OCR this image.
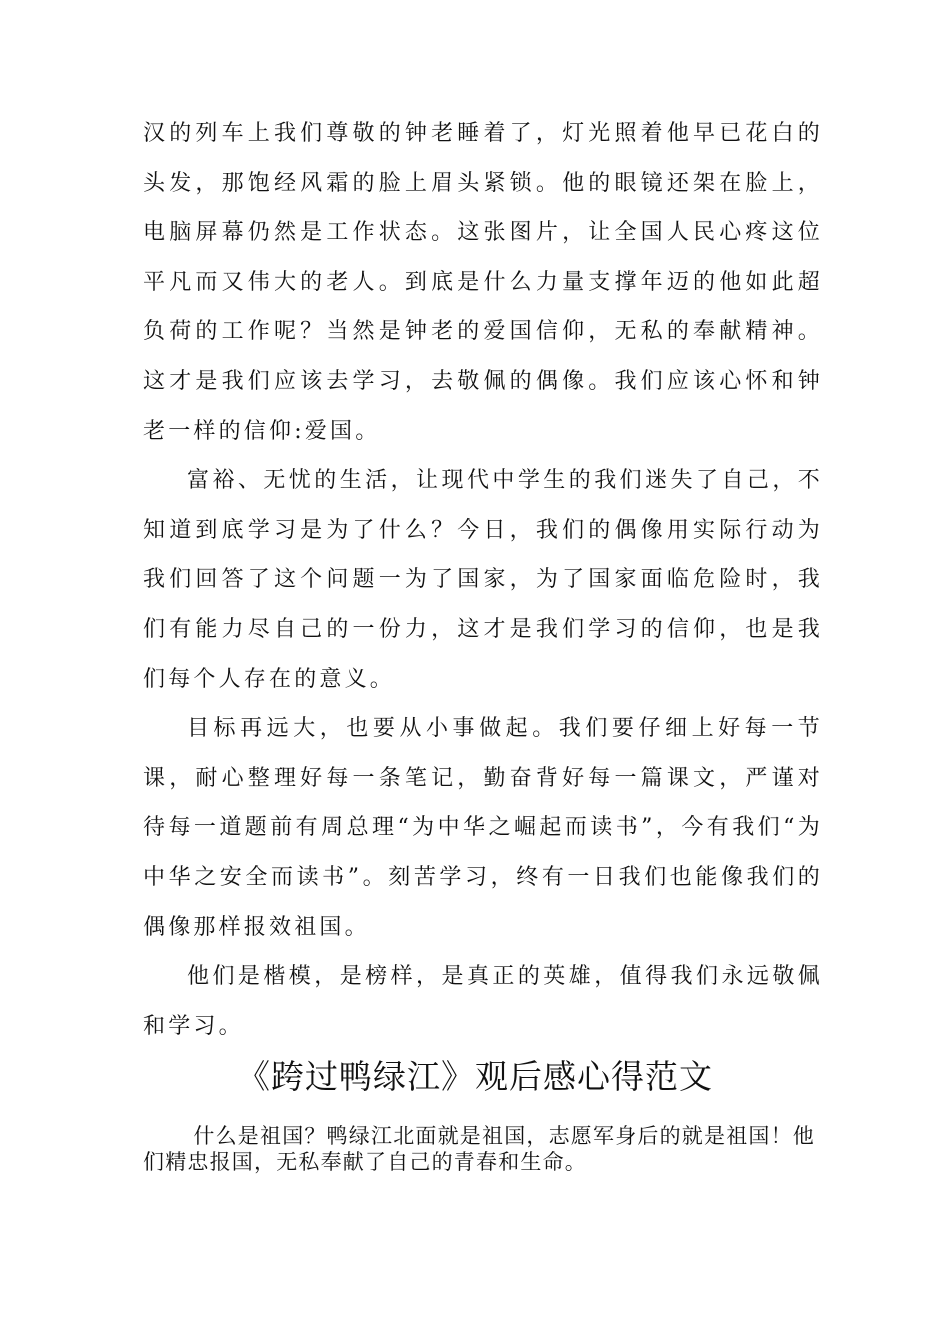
汉的列车上我们尊敬的钟老睡着了，灯光照着他早已花白的头发，那饱经风霜的脸上眉头紧锁。他的眼镜还架在脸上，电脑屏幕仍然是工作状态。这张图片，让全国人民心疼这位平凡而又伟大的老人。到底是什么力量支撑年迈的他如此超负荷的工作呢？当然是钟老的爱国信仰，无私的奉献精神。这才是我们应该去学习，去敬佩的偶像。我们应该心怀和钟老一样的信仰:爱国。

富裕、无忧的生活，让现代中学生的我们迷失了自己，不知道到底学习是为了什么？今日，我们的偶像用实际行动为我们回答了这个问题一为了国家，为了国家面临危险时，我们有能力尽自己的一份力，这才是我们学习的信仰，也是我们每个人存在的意义。

目标再远大，也要从小事做起。我们要仔细上好每一节课，耐心整理好每一条笔记，勤奋背好每一篇课文，严谨对待每一道题前有周总理“为中华之崛起而读书”，今有我们“为中华之安全而读书”。刻苦学习，终有一日我们也能像我们的偶像那样报效祖国。

他们是楷模，是榜样，是真正的英雄，值得我们永远敬佩和学习。

《跨过鸭绿江》观后感心得范文

什么是祖国？鸭绿江北面就是祖国，志愿军身后的就是祖国！他们精忠报国，无私奉献了自己的青春和生命。
